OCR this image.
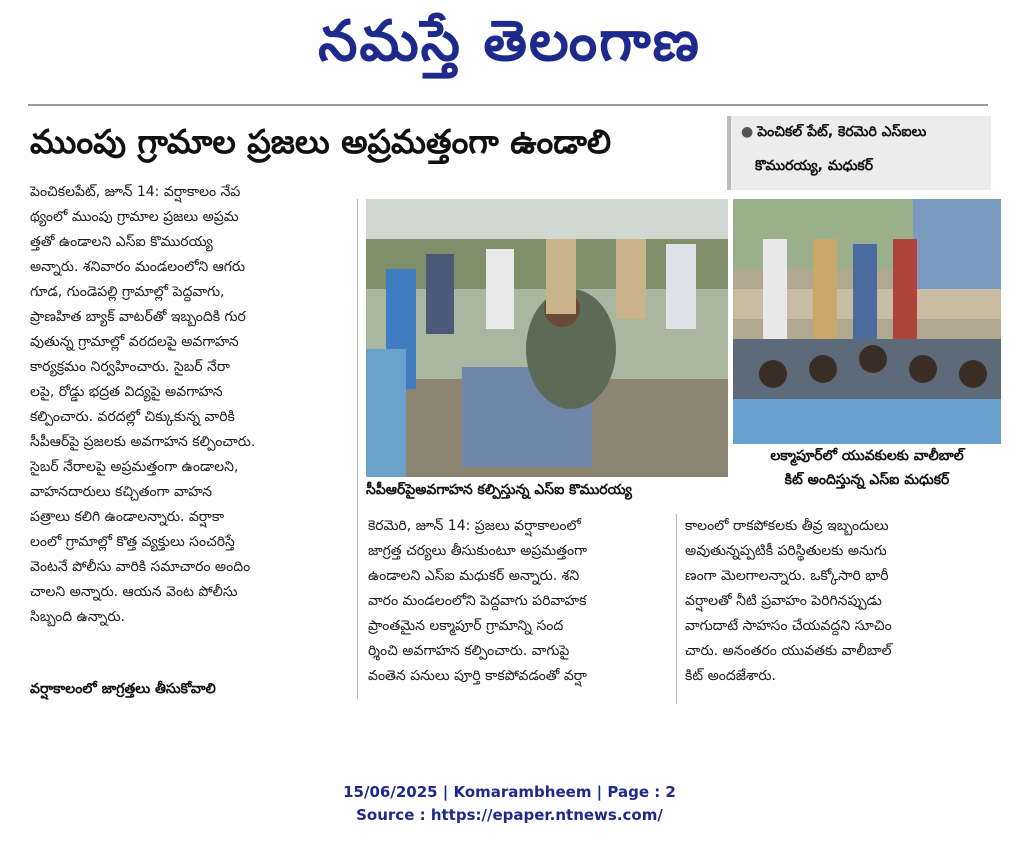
నమస్తే తెలంగాణ
ముంపు గ్రామాల ప్రజలు అప్రమత్తంగా ఉండాలి	● పెంచికల్ పేట్, కెరమెరి ఎస్ఐలు
కొమురయ్య, మధుకర్
పెంచికలపేట్, జూన్ 14: వర్షాకాలం నేప
థ్యంలో ముంపు గ్రామాల ప్రజలు అప్రమ
త్తతో ఉండాలని ఎస్ఐ కొమురయ్య
అన్నారు. శనివారం మండలంలోని ఆగరు
గూడ, గుండెపల్లి గ్రామాల్లో పెద్దవాగు,
ప్రాణహిత బ్యాక్ వాటర్‌తో ఇబ్బందికి గుర
వుతున్న గ్రామాల్లో వరదలపై అవగాహన
కార్యక్రమం నిర్వహించారు. సైబర్ నేరా
లపై, రోడ్డు భద్రత విద్యపై అవగాహన
కల్పించారు. వరదల్లో చిక్కుకున్న వారికి
సీపీఆర్‌పై ప్రజలకు అవగాహన కల్పించారు.
సైబర్ నేరాలపై అప్రమత్తంగా ఉండాలని,
వాహనదారులు కచ్చితంగా వాహన
పత్రాలు కలిగి ఉండాలన్నారు. వర్షాకా
లంలో గ్రామాల్లో కొత్త వ్యక్తులు సంచరిస్తే
వెంటనే పోలీసు వారికి సమాచారం అందిం
చాలని అన్నారు. ఆయన వెంట పోలీసు
సిబ్బంది ఉన్నారు.
వర్షాకాలంలో జాగ్రత్తలు తీసుకోవాలి
సీపీఆర్‌పైఅవగాహన కల్పిస్తున్న ఎస్ఐ కొమురయ్య
లక్మాపూర్‌లో యువకులకు వాలీబాల్
కిట్ అందిస్తున్న ఎస్ఐ మధుకర్
కెరమెరి, జూన్ 14: ప్రజలు వర్షాకాలంలో
జాగ్రత్త చర్యలు తీసుకుంటూ అప్రమత్తంగా
ఉండాలని ఎస్ఐ మధుకర్ అన్నారు. శని
వారం మండలంలోని పెద్దవాగు పరివాహక
ప్రాంతమైన లక్మాపూర్ గ్రామాన్ని సంద
ర్శించి అవగాహన కల్పించారు. వాగుపై
వంతెన పనులు పూర్తి కాకపోవడంతో వర్షా
కాలంలో రాకపోకలకు తీవ్ర ఇబ్బందులు
అవుతున్నప్పటికీ పరిస్థితులకు అనుగు
ణంగా మెలగాలన్నారు. ఒక్కోసారి భారీ
వర్షాలతో నీటి ప్రవాహం పెరిగినప్పుడు
వాగుదాటే సాహసం చేయవద్దని సూచిం
చారు. అనంతరం యువతకు వాలీబాల్
కిట్ అందజేశారు.
15/06/2025 | Komarambheem | Page : 2
Source : https://epaper.ntnews.com/
